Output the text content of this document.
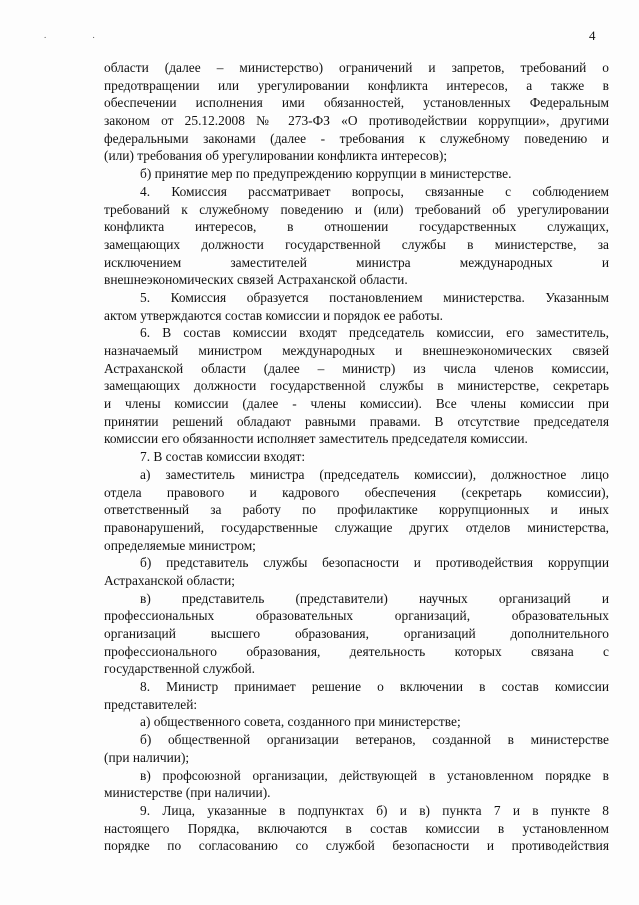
. .	4
области (далее – министерство) ограничений и запретов, требований о
предотвращении или урегулировании конфликта интересов, а также в
обеспечении исполнения ими обязанностей, установленных Федеральным
законом от 25.12.2008 № 273-ФЗ «О противодействии коррупции», другими
федеральными законами (далее - требования к служебному поведению и
(или) требования об урегулировании конфликта интересов);
б) принятие мер по предупреждению коррупции в министерстве.
4. Комиссия рассматривает вопросы, связанные с соблюдением
требований к служебному поведению и (или) требований об урегулировании
конфликта интересов, в отношении государственных служащих,
замещающих должности государственной службы в министерстве, за
исключением заместителей министра международных и
внешнеэкономических связей Астраханской области.
5. Комиссия образуется постановлением министерства. Указанным
актом утверждаются состав комиссии и порядок ее работы.
6. В состав комиссии входят председатель комиссии, его заместитель,
назначаемый министром международных и внешнеэкономических связей
Астраханской области (далее – министр) из числа членов комиссии,
замещающих должности государственной службы в министерстве, секретарь
и члены комиссии (далее - члены комиссии). Все члены комиссии при
принятии решений обладают равными правами. В отсутствие председателя
комиссии его обязанности исполняет заместитель председателя комиссии.
7. В состав комиссии входят:
а) заместитель министра (председатель комиссии), должностное лицо
отдела правового и кадрового обеспечения (секретарь комиссии),
ответственный за работу по профилактике коррупционных и иных
правонарушений, государственные служащие других отделов министерства,
определяемые министром;
б) представитель службы безопасности и противодействия коррупции
Астраханской области;
в) представитель (представители) научных организаций и
профессиональных образовательных организаций, образовательных
организаций высшего образования, организаций дополнительного
профессионального образования, деятельность которых связана с
государственной службой.
8. Министр принимает решение о включении в состав комиссии
представителей:
а) общественного совета, созданного при министерстве;
б) общественной организации ветеранов, созданной в министерстве
(при наличии);
в) профсоюзной организации, действующей в установленном порядке в
министерстве (при наличии).
9. Лица, указанные в подпунктах б) и в) пункта 7 и в пункте 8
настоящего Порядка, включаются в состав комиссии в установленном
порядке по согласованию со службой безопасности и противодействия
